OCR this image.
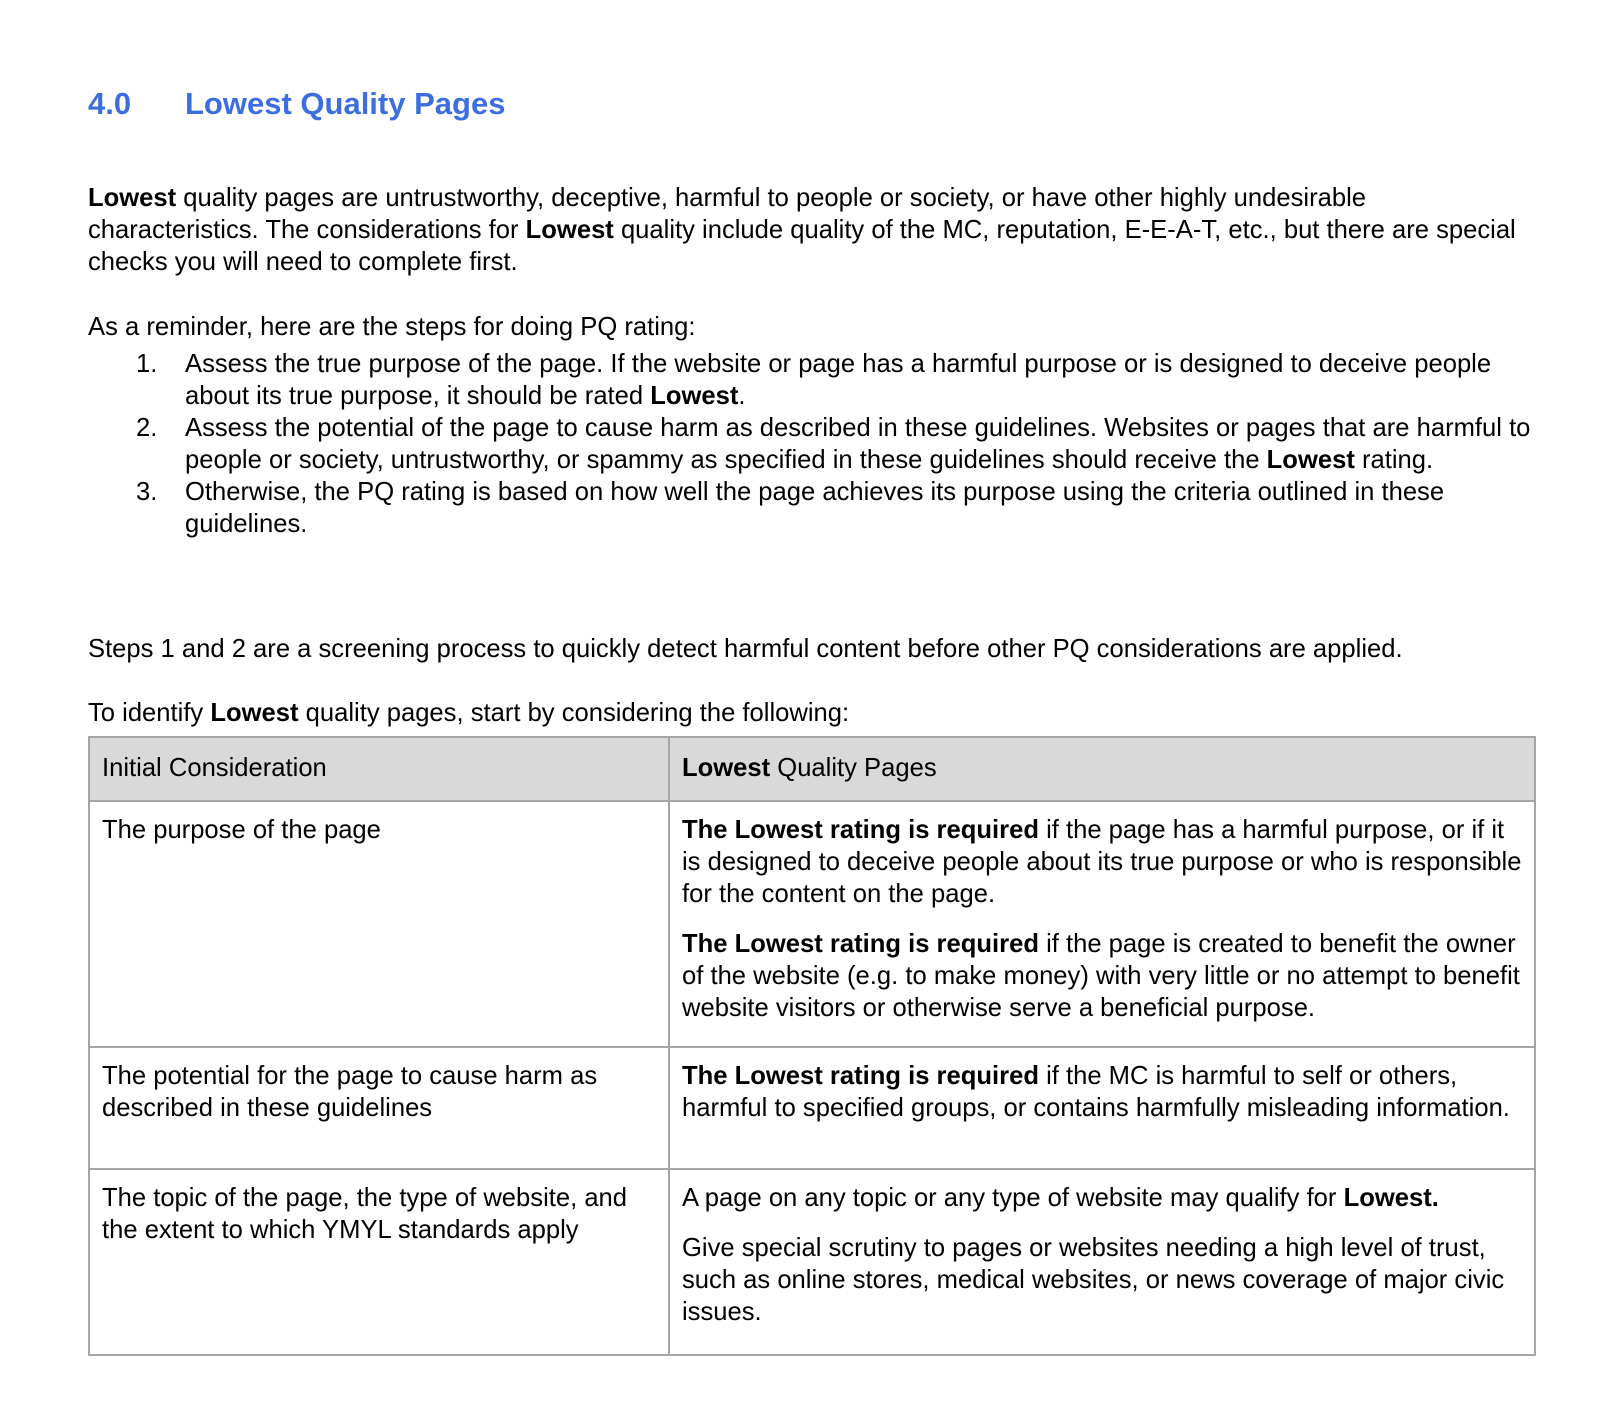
4.0 Lowest Quality Pages

Lowest quality pages are untrustworthy, deceptive, harmful to people or society, or have other highly undesirable characteristics. The considerations for Lowest quality include quality of the MC, reputation, E-E-A-T, etc., but there are special checks you will need to complete first.

As a reminder, here are the steps for doing PQ rating:

1. Assess the true purpose of the page. If the website or page has a harmful purpose or is designed to deceive people about its true purpose, it should be rated Lowest.
2. Assess the potential of the page to cause harm as described in these guidelines. Websites or pages that are harmful to people or society, untrustworthy, or spammy as specified in these guidelines should receive the Lowest rating.
3. Otherwise, the PQ rating is based on how well the page achieves its purpose using the criteria outlined in these guidelines.

Steps 1 and 2 are a screening process to quickly detect harmful content before other PQ considerations are applied.

To identify Lowest quality pages, start by considering the following:

Initial Consideration	Lowest Quality Pages
The purpose of the page	The Lowest rating is required if the page has a harmful purpose, or if it is designed to deceive people about its true purpose or who is responsible for the content on the page.

The Lowest rating is required if the page is created to benefit the owner of the website (e.g. to make money) with very little or no attempt to benefit website visitors or otherwise serve a beneficial purpose.

The potential for the page to cause harm as described in these guidelines	The Lowest rating is required if the MC is harmful to self or others, harmful to specified groups, or contains harmfully misleading information.

The topic of the page, the type of website, and the extent to which YMYL standards apply	A page on any topic or any type of website may qualify for Lowest.

Give special scrutiny to pages or websites needing a high level of trust, such as online stores, medical websites, or news coverage of major civic issues.
